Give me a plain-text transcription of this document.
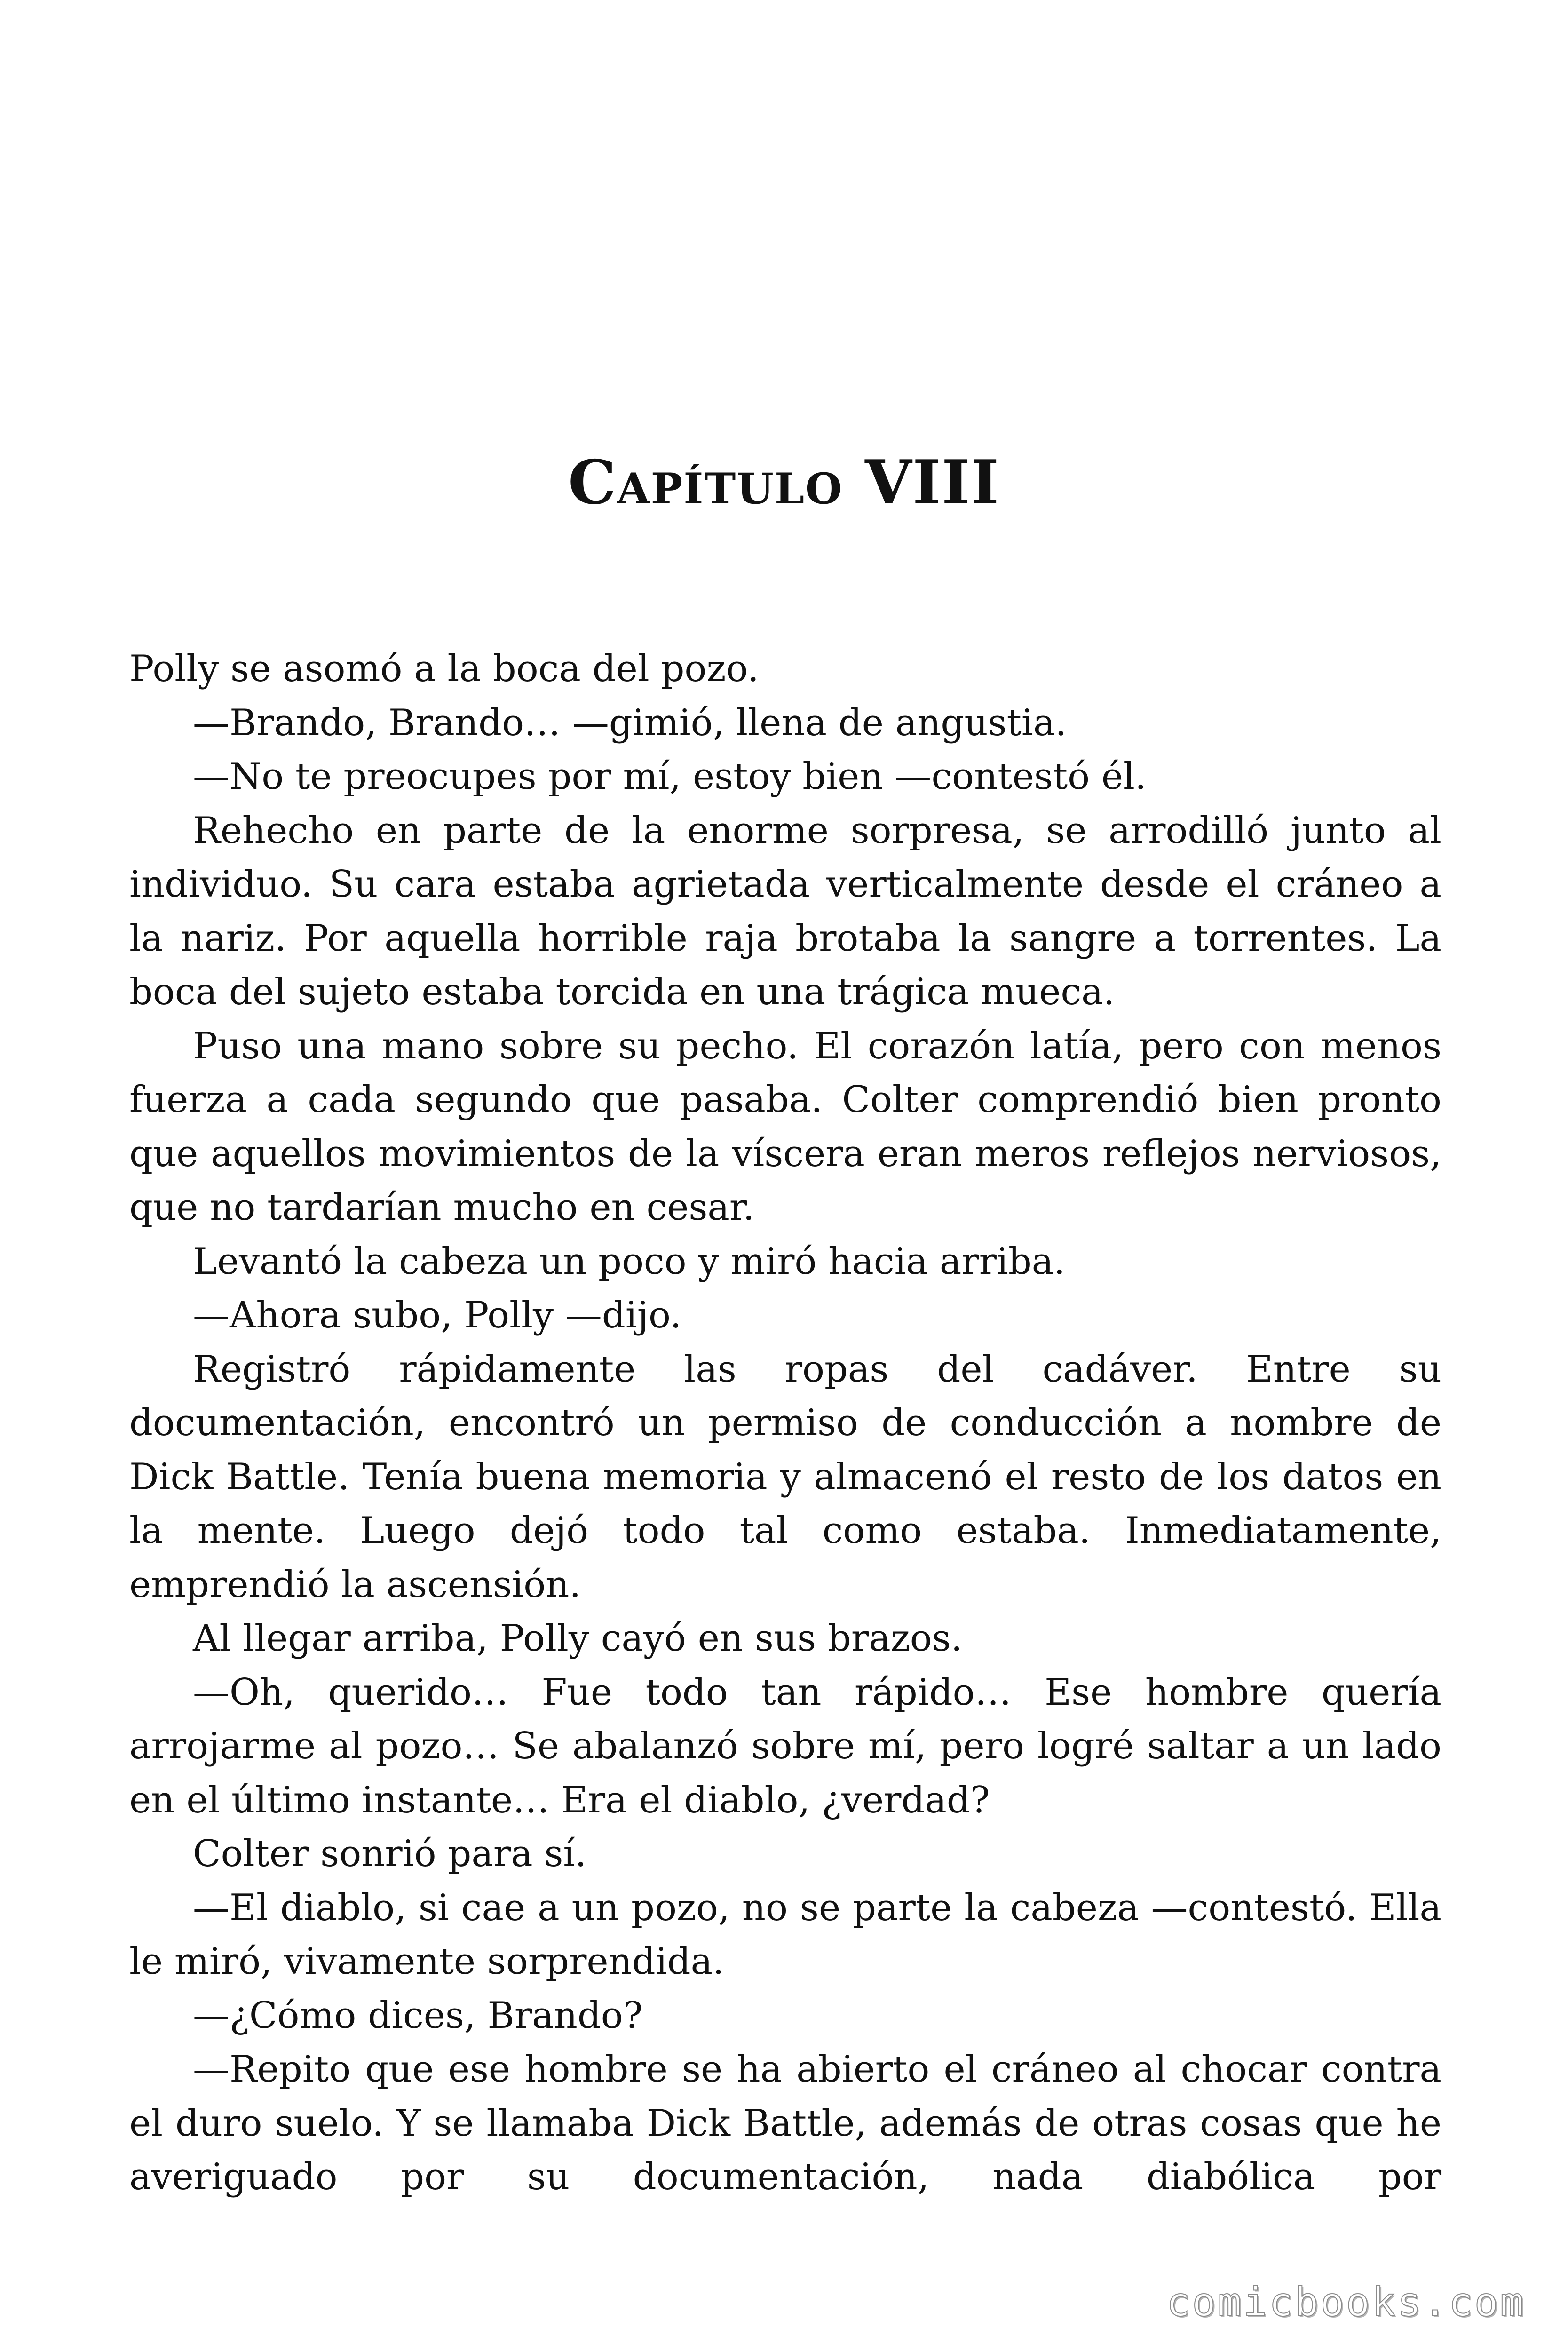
Capítulo VIII

Polly se asomó a la boca del pozo.

—Brando, Brando… —gimió, llena de angustia.

—No te preocupes por mí, estoy bien —contestó él.

Rehecho en parte de la enorme sorpresa, se arrodilló junto al individuo. Su cara estaba agrietada verticalmente desde el cráneo a la nariz. Por aquella horrible raja brotaba la sangre a torrentes. La boca del sujeto estaba torcida en una trágica mueca.

Puso una mano sobre su pecho. El corazón latía, pero con menos fuerza a cada segundo que pasaba. Colter comprendió bien pronto que aquellos movimientos de la víscera eran meros reflejos nerviosos, que no tardarían mucho en cesar.

Levantó la cabeza un poco y miró hacia arriba.

—Ahora subo, Polly —dijo.

Registró rápidamente las ropas del cadáver. Entre su documentación, encontró un permiso de conducción a nombre de Dick Battle. Tenía buena memoria y almacenó el resto de los datos en la mente. Luego dejó todo tal como estaba. Inmediatamente, emprendió la ascensión.

Al llegar arriba, Polly cayó en sus brazos.

—Oh, querido… Fue todo tan rápido… Ese hombre quería arrojarme al pozo… Se abalanzó sobre mí, pero logré saltar a un lado en el último instante… Era el diablo, ¿verdad?

Colter sonrió para sí.

—El diablo, si cae a un pozo, no se parte la cabeza —contestó. Ella le miró, vivamente sorprendida.

—¿Cómo dices, Brando?

—Repito que ese hombre se ha abierto el cráneo al chocar contra el duro suelo. Y se llamaba Dick Battle, además de otras cosas que he averiguado por su documentación, nada diabólica por

comicbooks.com
